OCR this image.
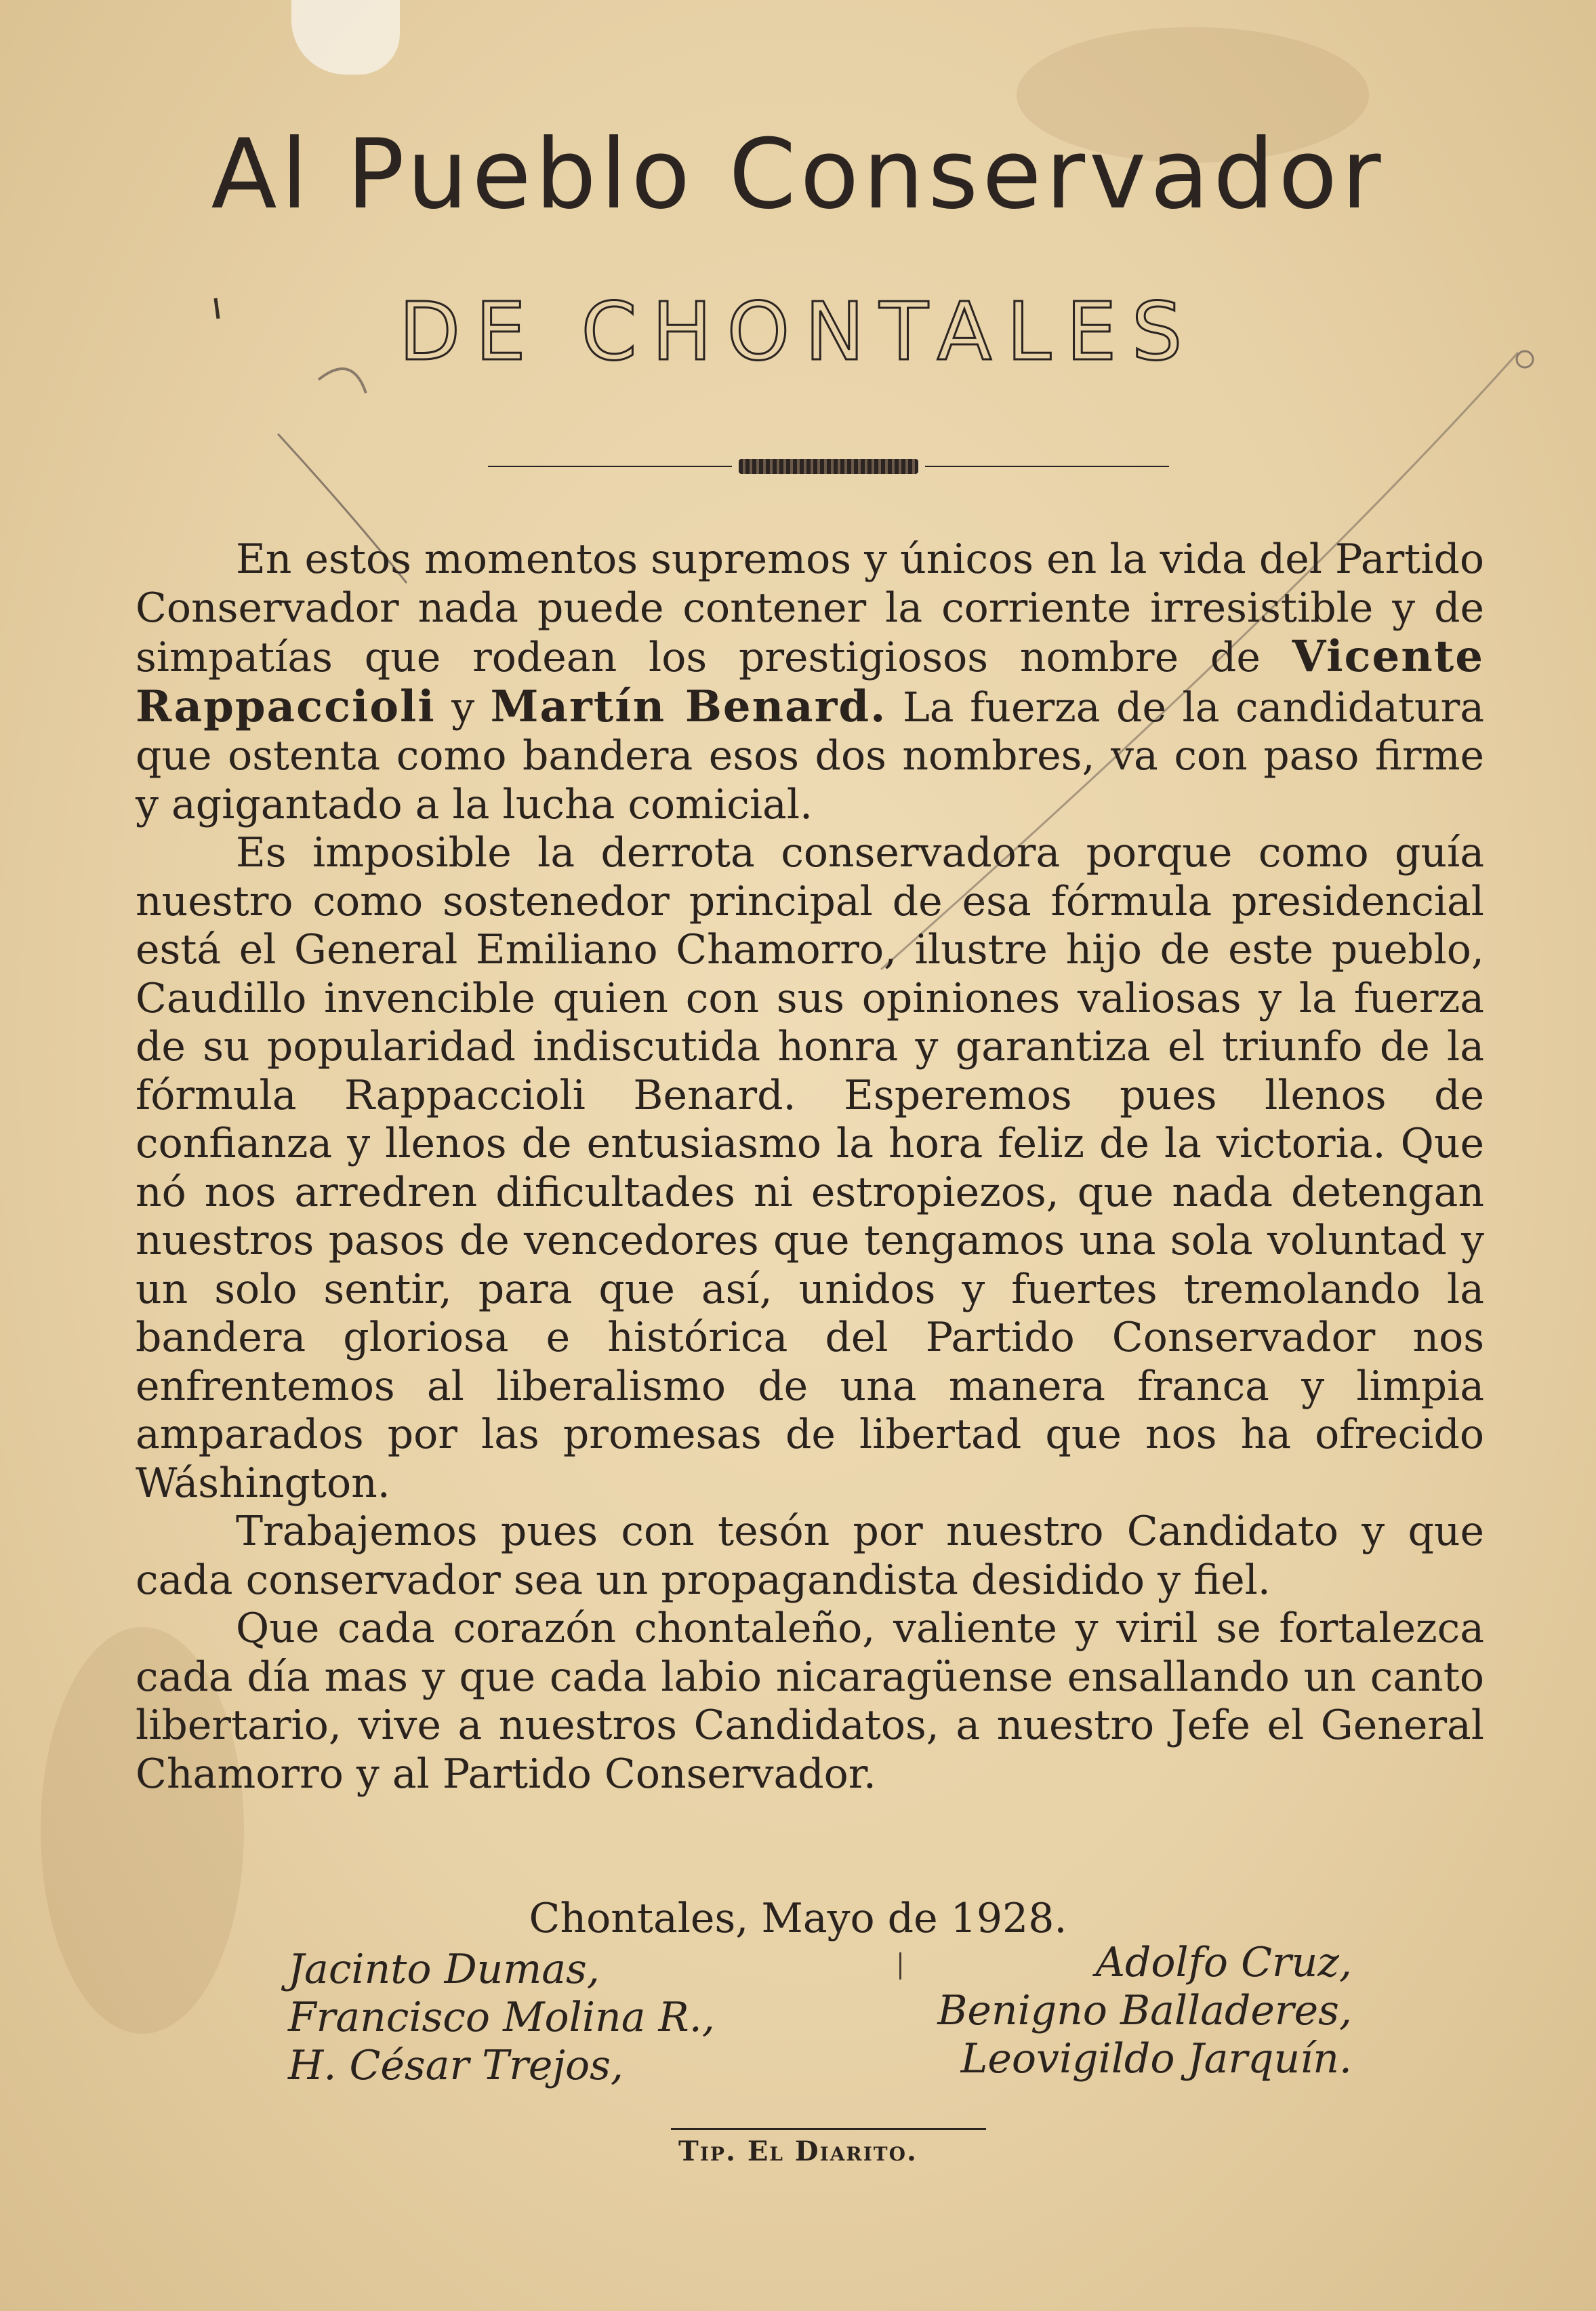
Al Pueblo Conservador
DE CHONTALES

En estos momentos supremos y únicos en la vida del Partido Conservador nada puede contener la corriente irresistible y de simpatías que rodean los prestigiosos nombre de Vicente Rappaccioli y Martín Benard. La fuerza de la candidatura que ostenta como bandera esos dos nombres, va con paso firme y agigantado a la lucha comicial.

Es imposible la derrota conservadora porque como guía nuestro como sostenedor principal de esa fórmula presidencial está el General Emiliano Chamorro, ilustre hijo de este pueblo, Caudillo invencible quien con sus opiniones valiosas y la fuerza de su popularidad indiscutida honra y garantiza el triunfo de la fórmula Rappaccioli Benard. Esperemos pues llenos de confianza y llenos de entusiasmo la hora feliz de la victoria. Que nó nos arredren dificultades ni estropiezos, que nada detengan nuestros pasos de vencedores que tengamos una sola voluntad y un solo sentir, para que así, unidos y fuertes tremolando la bandera gloriosa e histórica del Partido Conservador nos enfrentemos al liberalismo de una manera franca y limpia amparados por las promesas de libertad que nos ha ofrecido Wáshington.

Trabajemos pues con tesón por nuestro Candidato y que cada conservador sea un propagandista desidido y fiel.

Que cada corazón chontaleño, valiente y viril se fortalezca cada día mas y que cada labio nicaragüense ensallando un canto libertario, vive a nuestros Candidatos, a nuestro Jefe el General Chamorro y al Partido Conservador.

Chontales, Mayo de 1928.
Jacinto Dumas,
Francisco Molina R.,
H. César Trejos,
Adolfo Cruz,
Benigno Balladeres,
Leovigildo Jarquín.
Tip. El Diarito.
